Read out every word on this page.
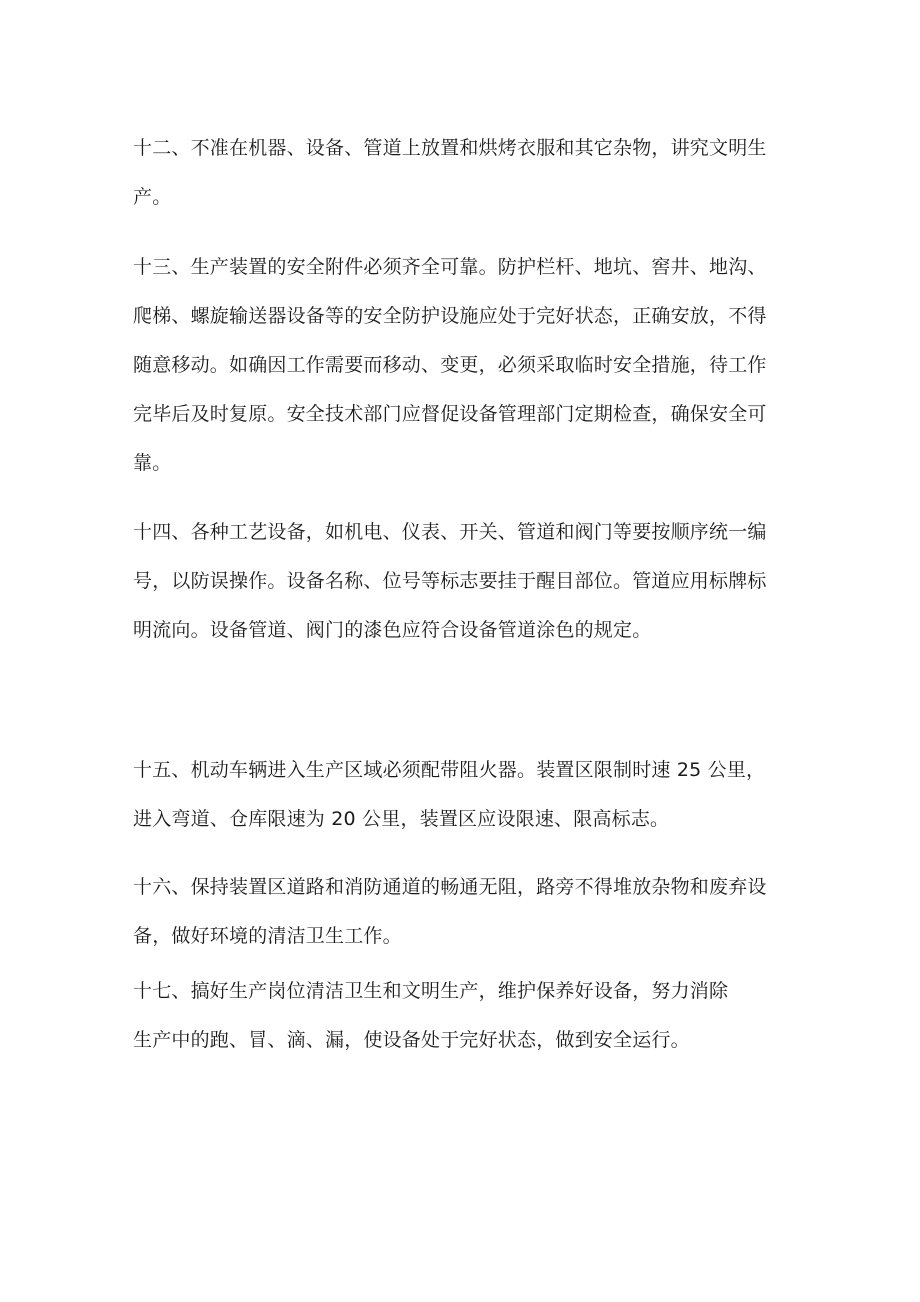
十二、不准在机器、设备、管道上放置和烘烤衣服和其它杂物，讲究文明生
产。

十三、生产装置的安全附件必须齐全可靠。防护栏杆、地坑、窖井、地沟、
爬梯、螺旋输送器设备等的安全防护设施应处于完好状态，正确安放，不得
随意移动。如确因工作需要而移动、变更，必须采取临时安全措施，待工作
完毕后及时复原。安全技术部门应督促设备管理部门定期检查，确保安全可
靠。

十四、各种工艺设备，如机电、仪表、开关、管道和阀门等要按顺序统一编
号，以防误操作。设备名称、位号等标志要挂于醒目部位。管道应用标牌标
明流向。设备管道、阀门的漆色应符合设备管道涂色的规定。

十五、机动车辆进入生产区域必须配带阻火器。装置区限制时速 25 公里，
进入弯道、仓库限速为 20 公里，装置区应设限速、限高标志。

十六、保持装置区道路和消防通道的畅通无阻，路旁不得堆放杂物和废弃设
备，做好环境的清洁卫生工作。

十七、搞好生产岗位清洁卫生和文明生产，维护保养好设备，努力消除
生产中的跑、冒、滴、漏，使设备处于完好状态，做到安全运行。
